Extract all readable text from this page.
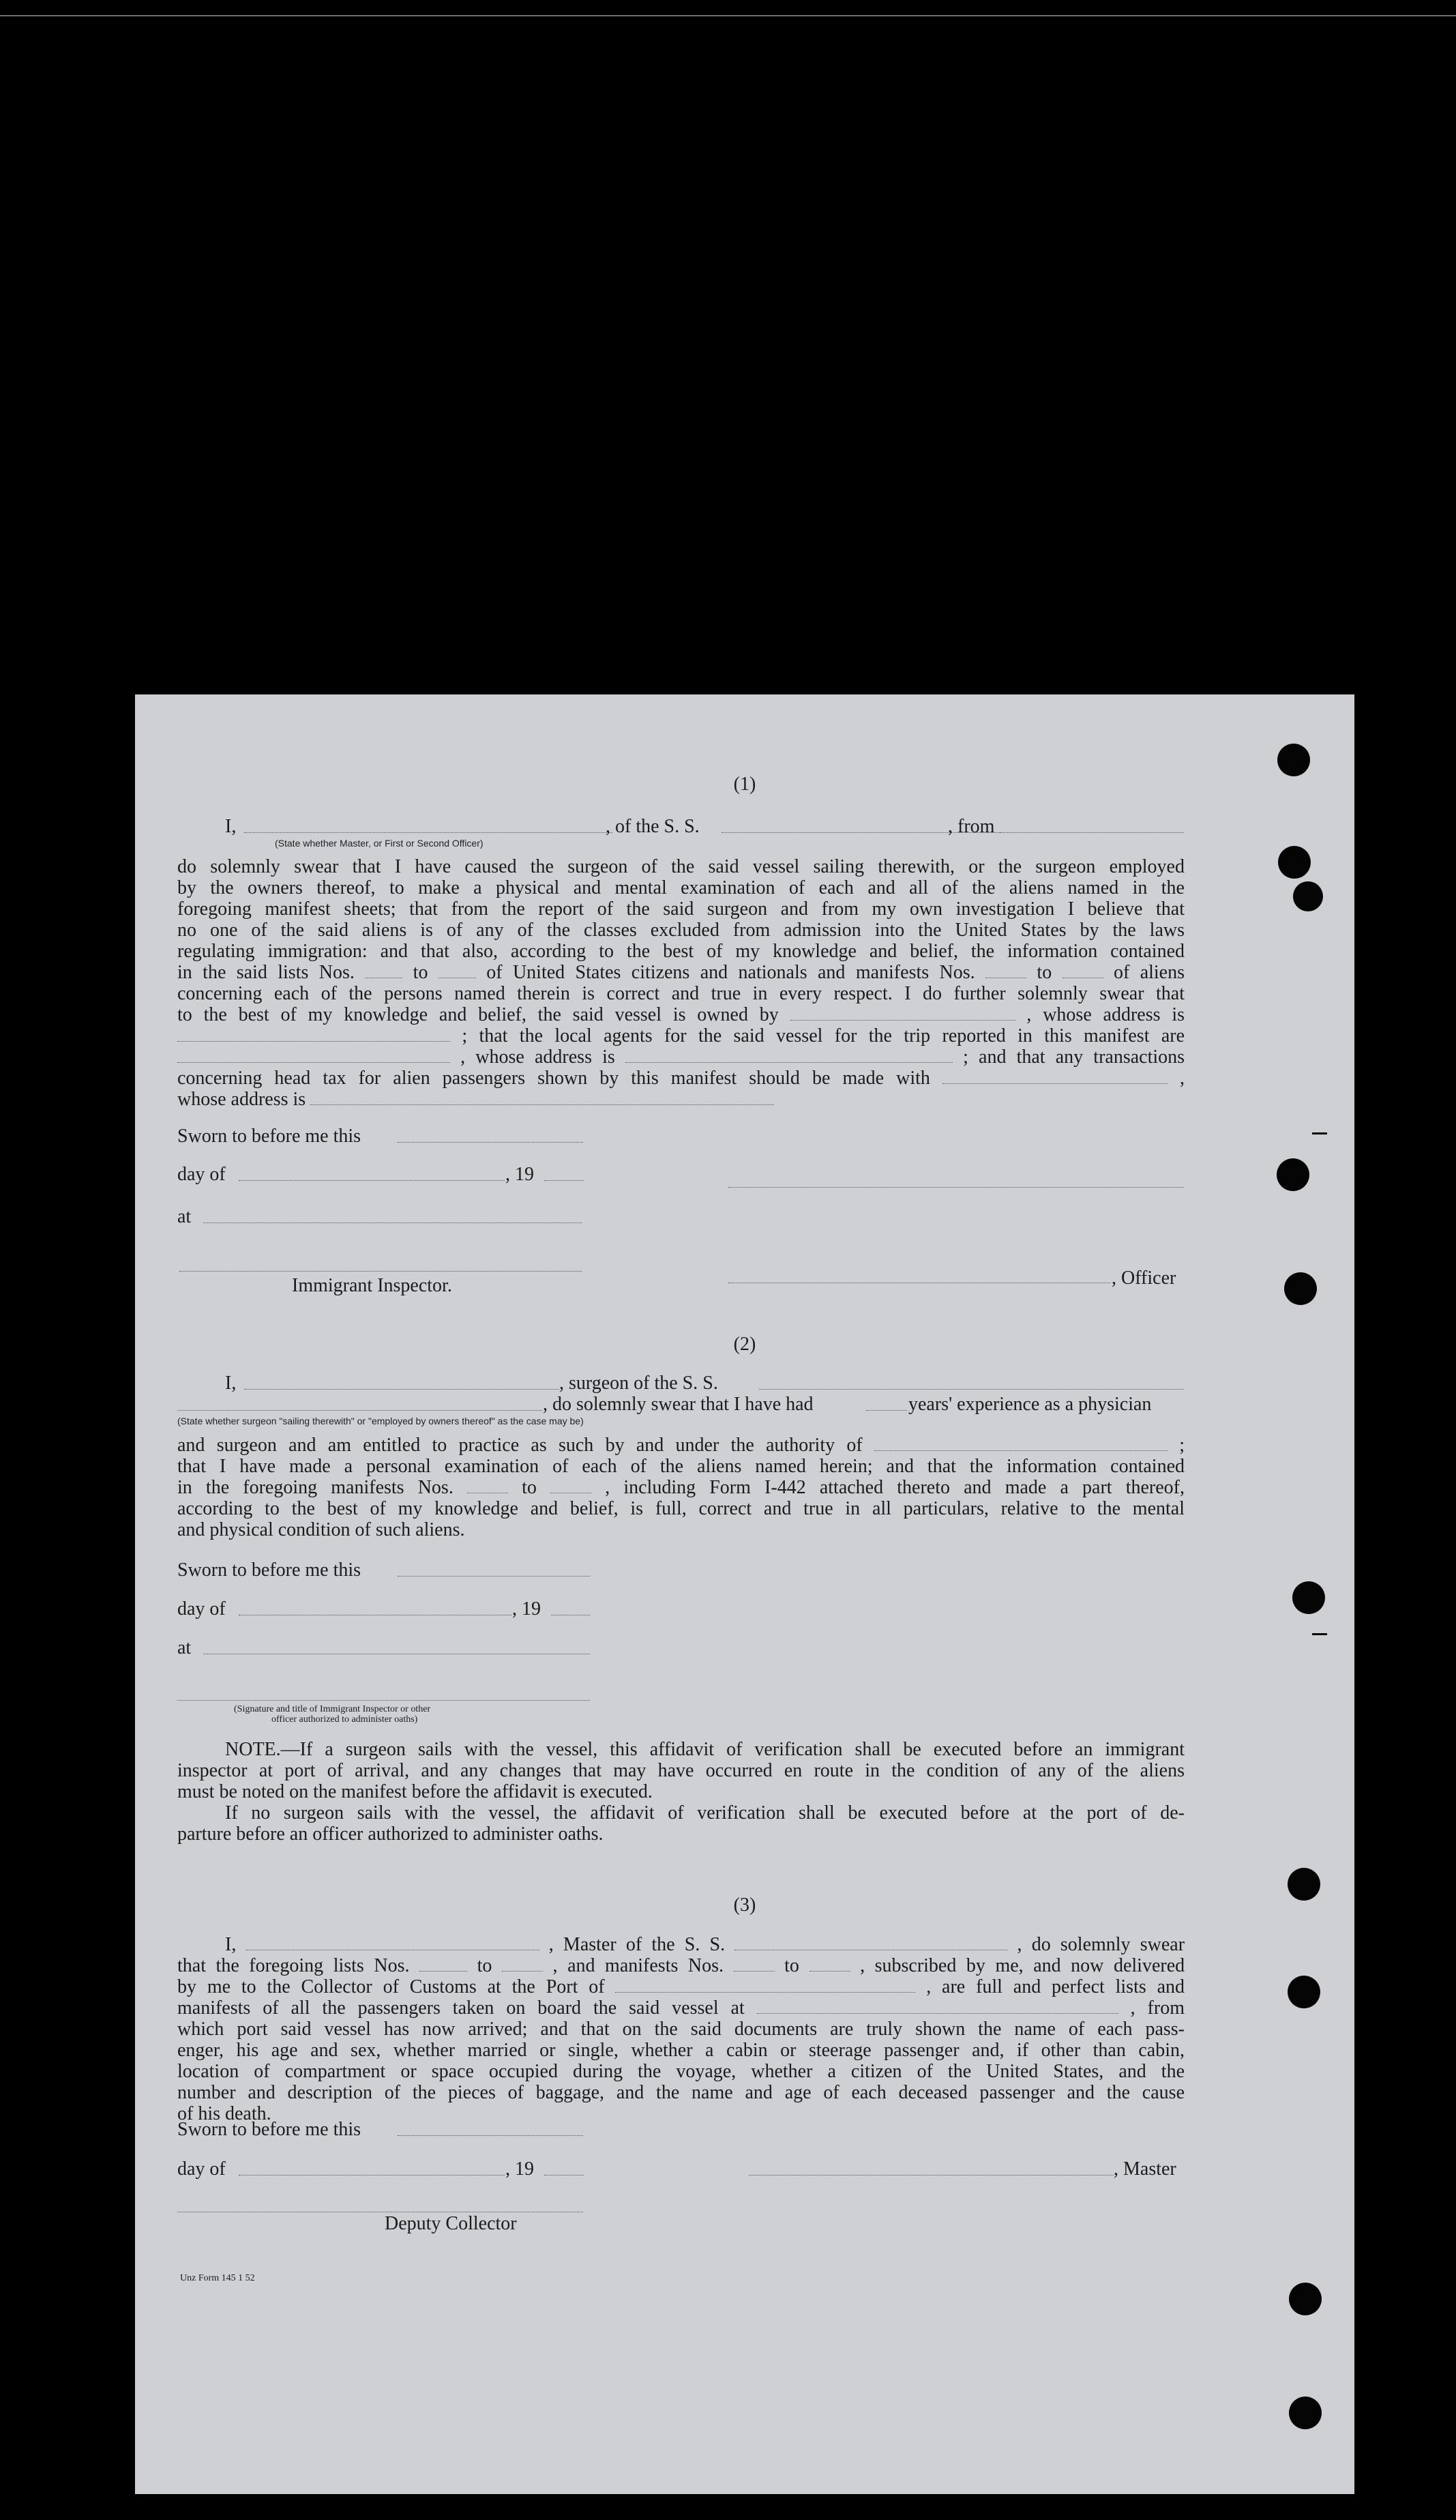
(1)
I,	, of the S. S.	, from
(State whether Master, or First or Second Officer)
do solemnly swear that I have caused the surgeon of the said vessel sailing therewith, or the surgeon employed
by the owners thereof, to make a physical and mental examination of each and all of the aliens named in the
foregoing manifest sheets; that from the report of the said surgeon and from my own investigation I believe that
no one of the said aliens is of any of the classes excluded from admission into the United States by the laws
regulating immigration: and that also, according to the best of my knowledge and belief, the information contained
in the said lists Nos.	to	of United States citizens and nationals and manifests Nos.	to	of aliens
concerning each of the persons named therein is correct and true in every respect. I do further solemnly swear that
to the best of my knowledge and belief, the said vessel is owned by	, whose address is
; that the local agents for the said vessel for the trip reported in this manifest are
, whose address is	; and that any transactions
concerning head tax for alien passengers shown by this manifest should be made with	,
whose address is
Sworn to before me this
day of	, 19
at
Immigrant Inspector.	, Officer
(2)
I,	, surgeon of the S. S.
, do solemnly swear that I have had	years' experience as a physician
(State whether surgeon "sailing therewith" or "employed by owners thereof" as the case may be)
and surgeon and am entitled to practice as such by and under the authority of	;
that I have made a personal examination of each of the aliens named herein; and that the information contained
in the foregoing manifests Nos.	to	, including Form I-442 attached thereto and made a part thereof,
according to the best of my knowledge and belief, is full, correct and true in all particulars, relative to the mental
and physical condition of such aliens.
Sworn to before me this
day of	, 19
at
(Signature and title of Immigrant Inspector or other
officer authorized to administer oaths)
NOTE.—If a surgeon sails with the vessel, this affidavit of verification shall be executed before an immigrant
inspector at port of arrival, and any changes that may have occurred en route in the condition of any of the aliens
must be noted on the manifest before the affidavit is executed.
If no surgeon sails with the vessel, the affidavit of verification shall be executed before at the port of de-
parture before an officer authorized to administer oaths.
(3)
I,	, Master of the S. S.	, do solemnly swear
that the foregoing lists Nos.	to	, and manifests Nos.	to	, subscribed by me, and now delivered
by me to the Collector of Customs at the Port of	, are full and perfect lists and
manifests of all the passengers taken on board the said vessel at	, from
which port said vessel has now arrived; and that on the said documents are truly shown the name of each pass-
enger, his age and sex, whether married or single, whether a cabin or steerage passenger and, if other than cabin,
location of compartment or space occupied during the voyage, whether a citizen of the United States, and the
number and description of the pieces of baggage, and the name and age of each deceased passenger and the cause
of his death.
Sworn to before me this
day of	, 19	, Master
Deputy Collector
Unz Form 145 1 52
